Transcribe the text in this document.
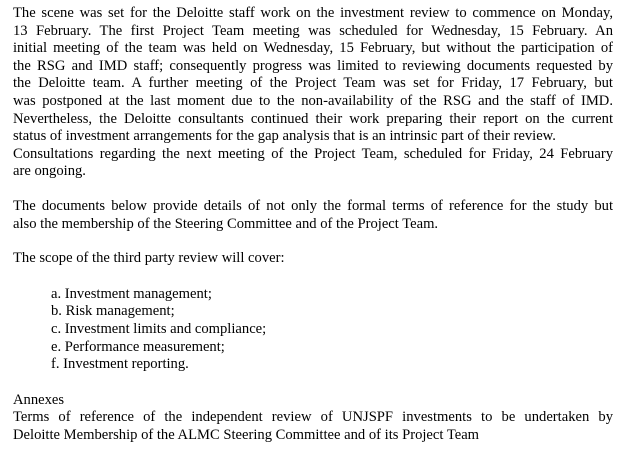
The scene was set for the Deloitte staff work on the investment review to commence on Monday,
13 February. The first Project Team meeting was scheduled for Wednesday, 15 February. An
initial meeting of the team was held on Wednesday, 15 February, but without the participation of
the RSG and IMD staff; consequently progress was limited to reviewing documents requested by
the Deloitte team. A further meeting of the Project Team was set for Friday, 17 February, but
was postponed at the last moment due to the non-availability of the RSG and the staff of IMD.
Nevertheless, the Deloitte consultants continued their work preparing their report on the current
status of investment arrangements for the gap analysis that is an intrinsic part of their review.
Consultations regarding the next meeting of the Project Team, scheduled for Friday, 24 February
are ongoing.
The documents below provide details of not only the formal terms of reference for the study but
also the membership of the Steering Committee and of the Project Team.

The scope of the third party review will cover:

a. Investment management;
b. Risk management;
c. Investment limits and compliance;
e. Performance measurement;
f. Investment reporting.
Annexes
Terms of reference of the independent review of UNJSPF investments to be undertaken by
Deloitte Membership of the ALMC Steering Committee and of its Project Team
